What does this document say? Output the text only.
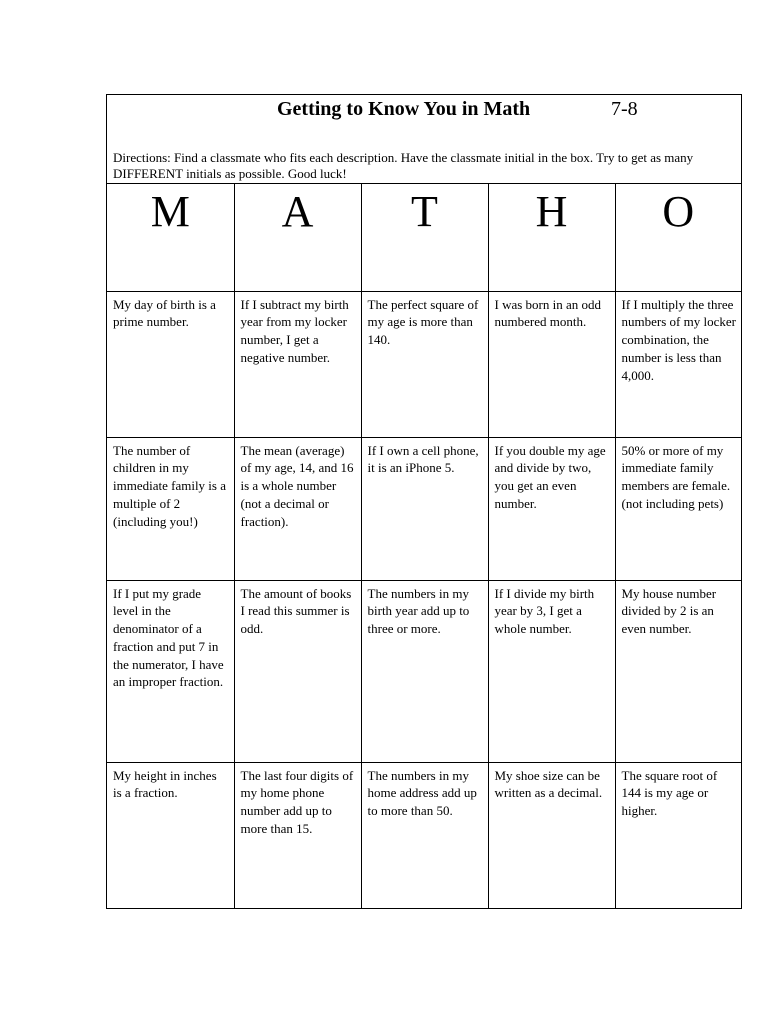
Getting to Know You in Math	7-8
Directions: Find a classmate who fits each description. Have the classmate initial in the box. Try to get as many DIFFERENT initials as possible. Good luck!
M	A	T	H	O
My day of birth is a prime number.	If I subtract my birth year from my locker number, I get a negative number.	The perfect square of my age is more than 140.	I was born in an odd numbered month.	If I multiply the three numbers of my locker combination, the number is less than 4,000.
The number of children in my immediate family is a multiple of 2 (including you!)	The mean (average) of my age, 14, and 16 is a whole number (not a decimal or fraction).	If I own a cell phone, it is an iPhone 5.	If you double my age and divide by two, you get an even number.	50% or more of my immediate family members are female. (not including pets)
If I put my grade level in the denominator of a fraction and put 7 in the numerator, I have an improper fraction.	The amount of books I read this summer is odd.	The numbers in my birth year add up to three or more.	If I divide my birth year by 3, I get a whole number.	My house number divided by 2 is an even number.
My height in inches is a fraction.	The last four digits of my home phone number add up to more than 15.	The numbers in my home address add up to more than 50.	My shoe size can be written as a decimal.	The square root of 144 is my age or higher.
